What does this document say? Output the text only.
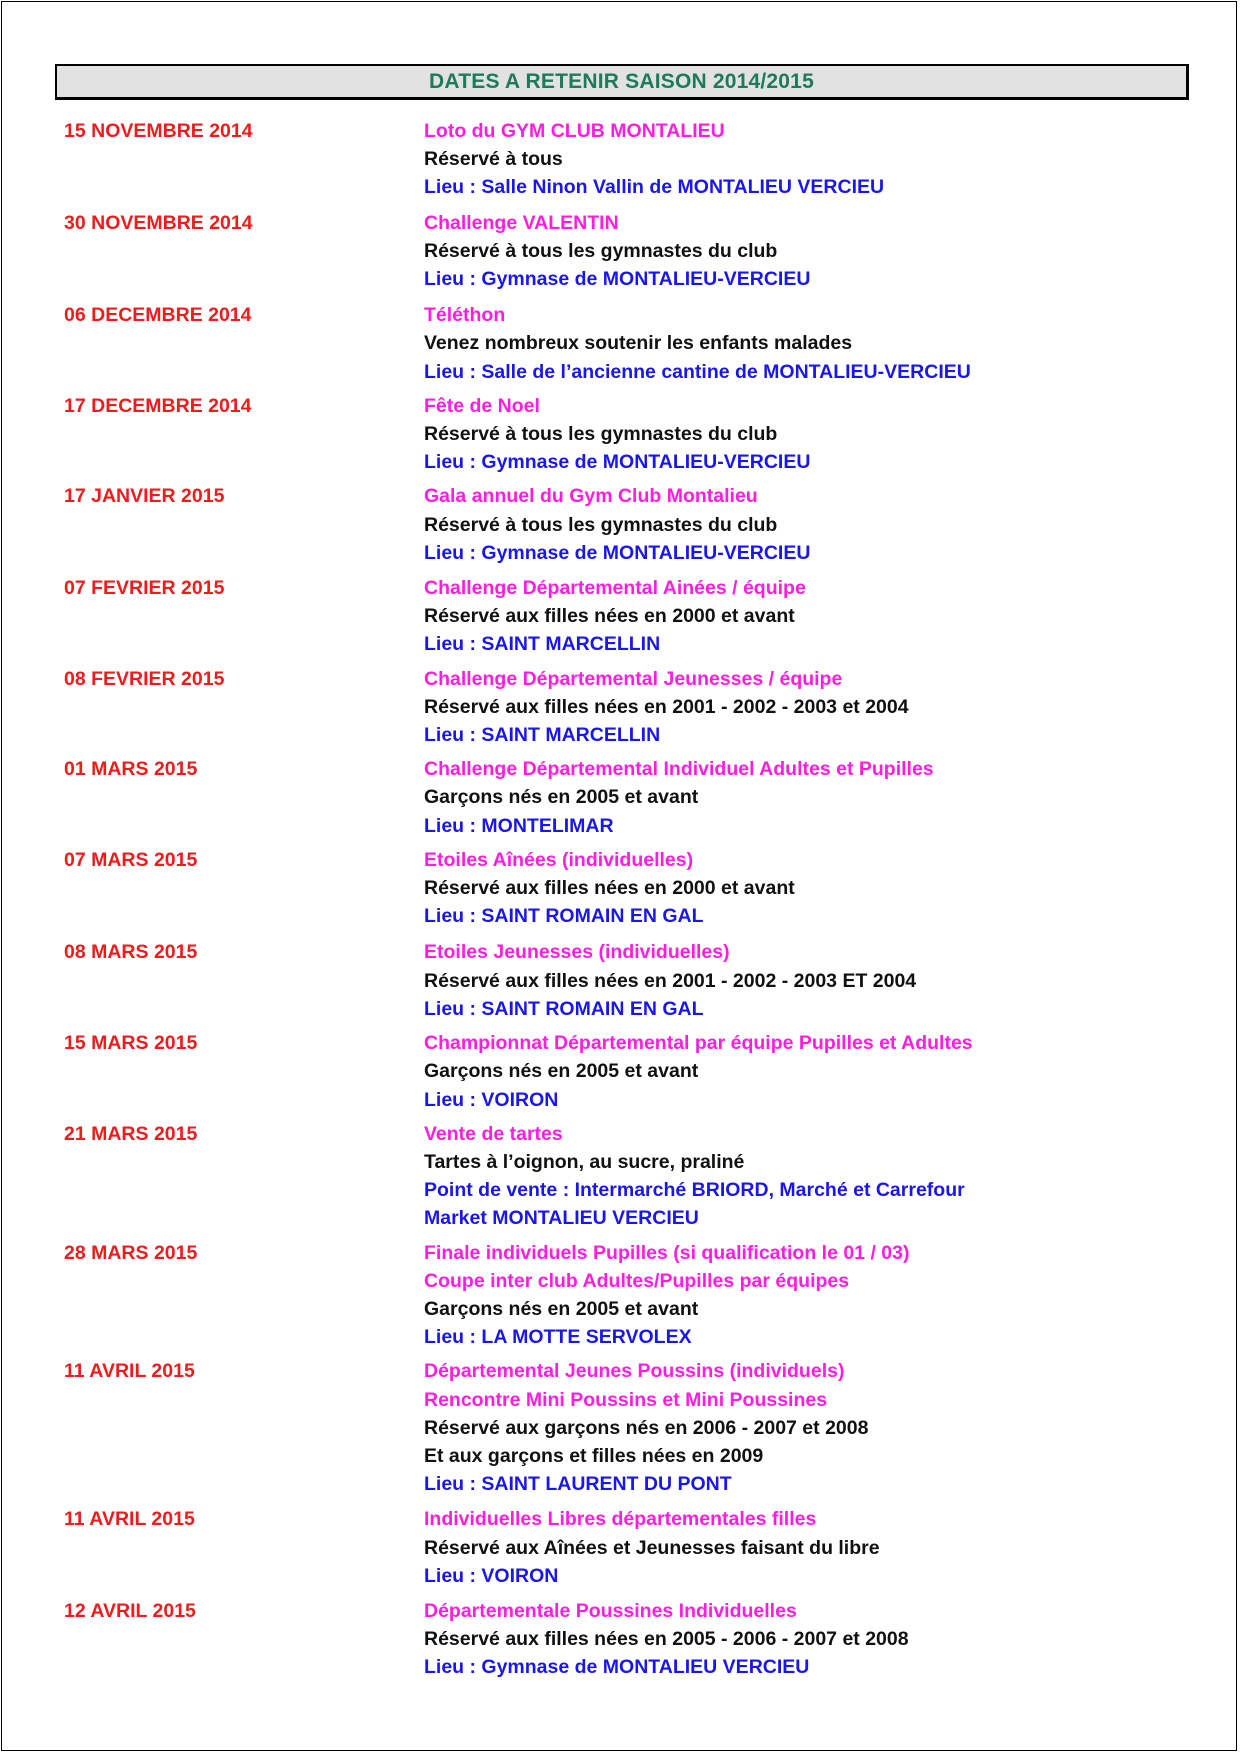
DATES A RETENIR SAISON 2014/2015
15 NOVEMBRE 2014	Loto du GYM CLUB MONTALIEU
Réservé à tous
Lieu : Salle Ninon Vallin de MONTALIEU VERCIEU
30 NOVEMBRE 2014	Challenge VALENTIN
Réservé à tous les gymnastes du club
Lieu : Gymnase de MONTALIEU-VERCIEU
06 DECEMBRE 2014	Téléthon
Venez nombreux soutenir les enfants malades
Lieu : Salle de l’ancienne cantine de MONTALIEU-VERCIEU
17 DECEMBRE 2014	Fête de Noel
Réservé à tous les gymnastes du club
Lieu : Gymnase de MONTALIEU-VERCIEU
17 JANVIER 2015	Gala annuel du Gym Club Montalieu
Réservé à tous les gymnastes du club
Lieu : Gymnase de MONTALIEU-VERCIEU
07 FEVRIER 2015	Challenge Départemental Ainées / équipe
Réservé aux filles nées en 2000 et avant
Lieu : SAINT MARCELLIN
08 FEVRIER 2015	Challenge Départemental Jeunesses / équipe
Réservé aux filles nées en 2001 - 2002 - 2003 et 2004
Lieu : SAINT MARCELLIN
01 MARS 2015	Challenge Départemental Individuel Adultes et Pupilles
Garçons nés en 2005 et avant
Lieu : MONTELIMAR
07 MARS 2015	Etoiles Aînées (individuelles)
Réservé aux filles nées en 2000 et avant
Lieu : SAINT ROMAIN EN GAL
08 MARS 2015	Etoiles Jeunesses (individuelles)
Réservé aux filles nées en 2001 - 2002 - 2003 ET 2004
Lieu : SAINT ROMAIN EN GAL
15 MARS 2015	Championnat Départemental par équipe Pupilles et Adultes
Garçons nés en 2005 et avant
Lieu : VOIRON
21 MARS 2015	Vente de tartes
Tartes à l’oignon, au sucre, praliné
Point de vente : Intermarché BRIORD, Marché et Carrefour
Market MONTALIEU VERCIEU
28 MARS 2015	Finale individuels Pupilles (si qualification le 01 / 03)
Coupe inter club Adultes/Pupilles par équipes
Garçons nés en 2005 et avant
Lieu : LA MOTTE SERVOLEX
11 AVRIL 2015	Départemental Jeunes Poussins (individuels)
Rencontre Mini Poussins et Mini Poussines
Réservé aux garçons nés en 2006 - 2007 et 2008
Et aux garçons et filles nées en 2009
Lieu : SAINT LAURENT DU PONT
11 AVRIL 2015	Individuelles Libres départementales filles
Réservé aux Aînées et Jeunesses faisant du libre
Lieu : VOIRON
12 AVRIL 2015	Départementale Poussines Individuelles
Réservé aux filles nées en 2005 - 2006 - 2007 et 2008
Lieu : Gymnase de MONTALIEU VERCIEU
